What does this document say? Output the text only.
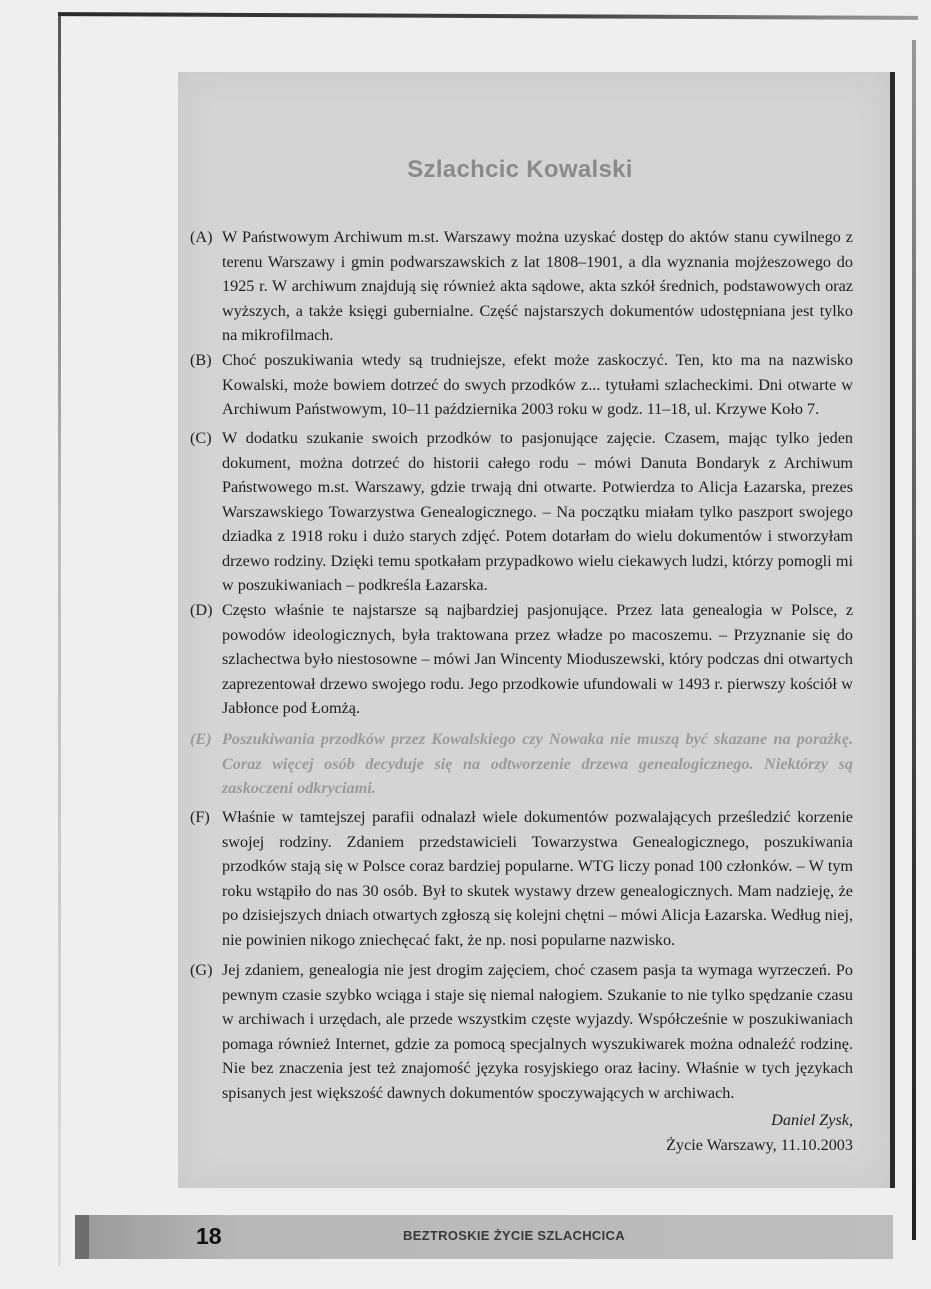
Szlachcic Kowalski
(A) W Państwowym Archiwum m.st. Warszawy można uzyskać dostęp do aktów stanu cywilnego z terenu Warszawy i gmin podwarszawskich z lat 1808–1901, a dla wyznania mojżeszowego do 1925 r. W archiwum znajdują się również akta sądowe, akta szkół średnich, podstawowych oraz wyższych, a także księgi gubernialne. Część najstarszych dokumentów udostępniana jest tylko na mikrofilmach.
(B) Choć poszukiwania wtedy są trudniejsze, efekt może zaskoczyć. Ten, kto ma na nazwisko Kowalski, może bowiem dotrzeć do swych przodków z... tytułami szlacheckimi. Dni otwarte w Archiwum Państwowym, 10–11 października 2003 roku w godz. 11–18, ul. Krzywe Koło 7.
(C) W dodatku szukanie swoich przodków to pasjonujące zajęcie. Czasem, mając tylko jeden dokument, można dotrzeć do historii całego rodu – mówi Danuta Bondaryk z Archiwum Państwowego m.st. Warszawy, gdzie trwają dni otwarte. Potwierdza to Alicja Łazarska, prezes Warszawskiego Towarzystwa Genealogicznego. – Na początku miałam tylko paszport swojego dziadka z 1918 roku i dużo starych zdjęć. Potem dotarłam do wielu dokumentów i stworzyłam drzewo rodziny. Dzięki temu spotkałam przypadkowo wielu ciekawych ludzi, którzy pomogli mi w poszukiwaniach – podkreśla Łazarska.
(D) Często właśnie te najstarsze są najbardziej pasjonujące. Przez lata genealogia w Polsce, z powodów ideologicznych, była traktowana przez władze po macoszemu. – Przyznanie się do szlachectwa było niestosowne – mówi Jan Wincenty Mioduszewski, który podczas dni otwartych zaprezentował drzewo swojego rodu. Jego przodkowie ufundowali w 1493 r. pierwszy kościół w Jabłonce pod Łomżą.
(E) Poszukiwania przodków przez Kowalskiego czy Nowaka nie muszą być skazane na porażkę. Coraz więcej osób decyduje się na odtworzenie drzewa genealogicznego. Niektórzy są zaskoczeni odkryciami.
(F) Właśnie w tamtejszej parafii odnalazł wiele dokumentów pozwalających prześledzić korzenie swojej rodziny. Zdaniem przedstawicieli Towarzystwa Genealogicznego, poszukiwania przodków stają się w Polsce coraz bardziej popularne. WTG liczy ponad 100 członków. – W tym roku wstąpiło do nas 30 osób. Był to skutek wystawy drzew genealogicznych. Mam nadzieję, że po dzisiejszych dniach otwartych zgłoszą się kolejni chętni – mówi Alicja Łazarska. Według niej, nie powinien nikogo zniechęcać fakt, że np. nosi popularne nazwisko.
(G) Jej zdaniem, genealogia nie jest drogim zajęciem, choć czasem pasja ta wymaga wyrzeczeń. Po pewnym czasie szybko wciąga i staje się niemal nałogiem. Szukanie to nie tylko spędzanie czasu w archiwach i urzędach, ale przede wszystkim częste wyjazdy. Współcześnie w poszukiwaniach pomaga również Internet, gdzie za pomocą specjalnych wyszukiwarek można odnaleźć rodzinę. Nie bez znaczenia jest też znajomość języka rosyjskiego oraz łaciny. Właśnie w tych językach spisanych jest większość dawnych dokumentów spoczywających w archiwach.
Daniel Zysk,
Życie Warszawy, 11.10.2003
18	BEZTROSKIE ŻYCIE SZLACHCICA
